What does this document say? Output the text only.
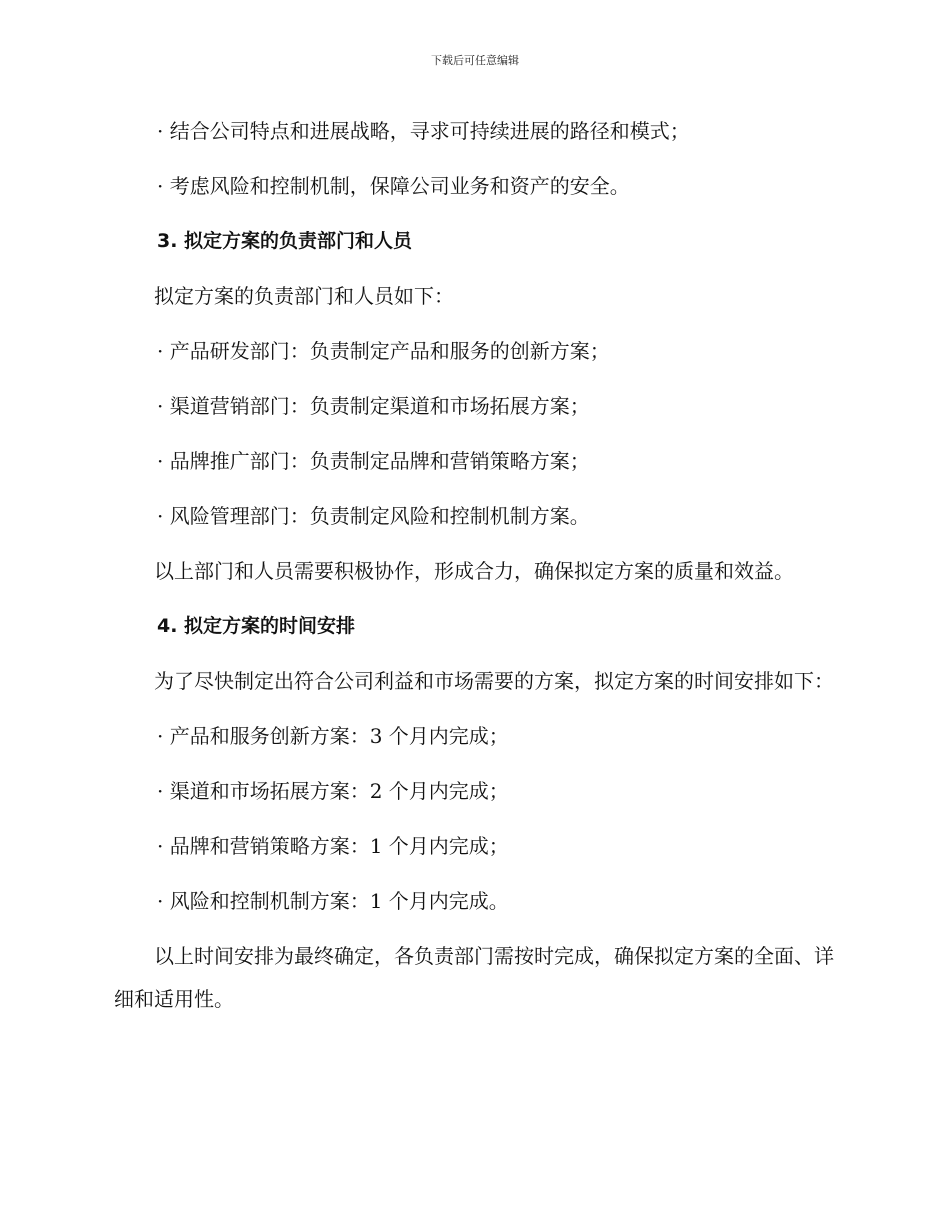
下载后可任意编辑

· 结合公司特点和进展战略，寻求可持续进展的路径和模式；

· 考虑风险和控制机制，保障公司业务和资产的安全。

3. 拟定方案的负责部门和人员

拟定方案的负责部门和人员如下：

· 产品研发部门：负责制定产品和服务的创新方案；

· 渠道营销部门：负责制定渠道和市场拓展方案；

· 品牌推广部门：负责制定品牌和营销策略方案；

· 风险管理部门：负责制定风险和控制机制方案。

以上部门和人员需要积极协作，形成合力，确保拟定方案的质量和效益。

4. 拟定方案的时间安排

为了尽快制定出符合公司利益和市场需要的方案，拟定方案的时间安排如下：

· 产品和服务创新方案：3 个月内完成；

· 渠道和市场拓展方案：2 个月内完成；

· 品牌和营销策略方案：1 个月内完成；

· 风险和控制机制方案：1 个月内完成。

以上时间安排为最终确定，各负责部门需按时完成，确保拟定方案的全面、详细和适用性。
